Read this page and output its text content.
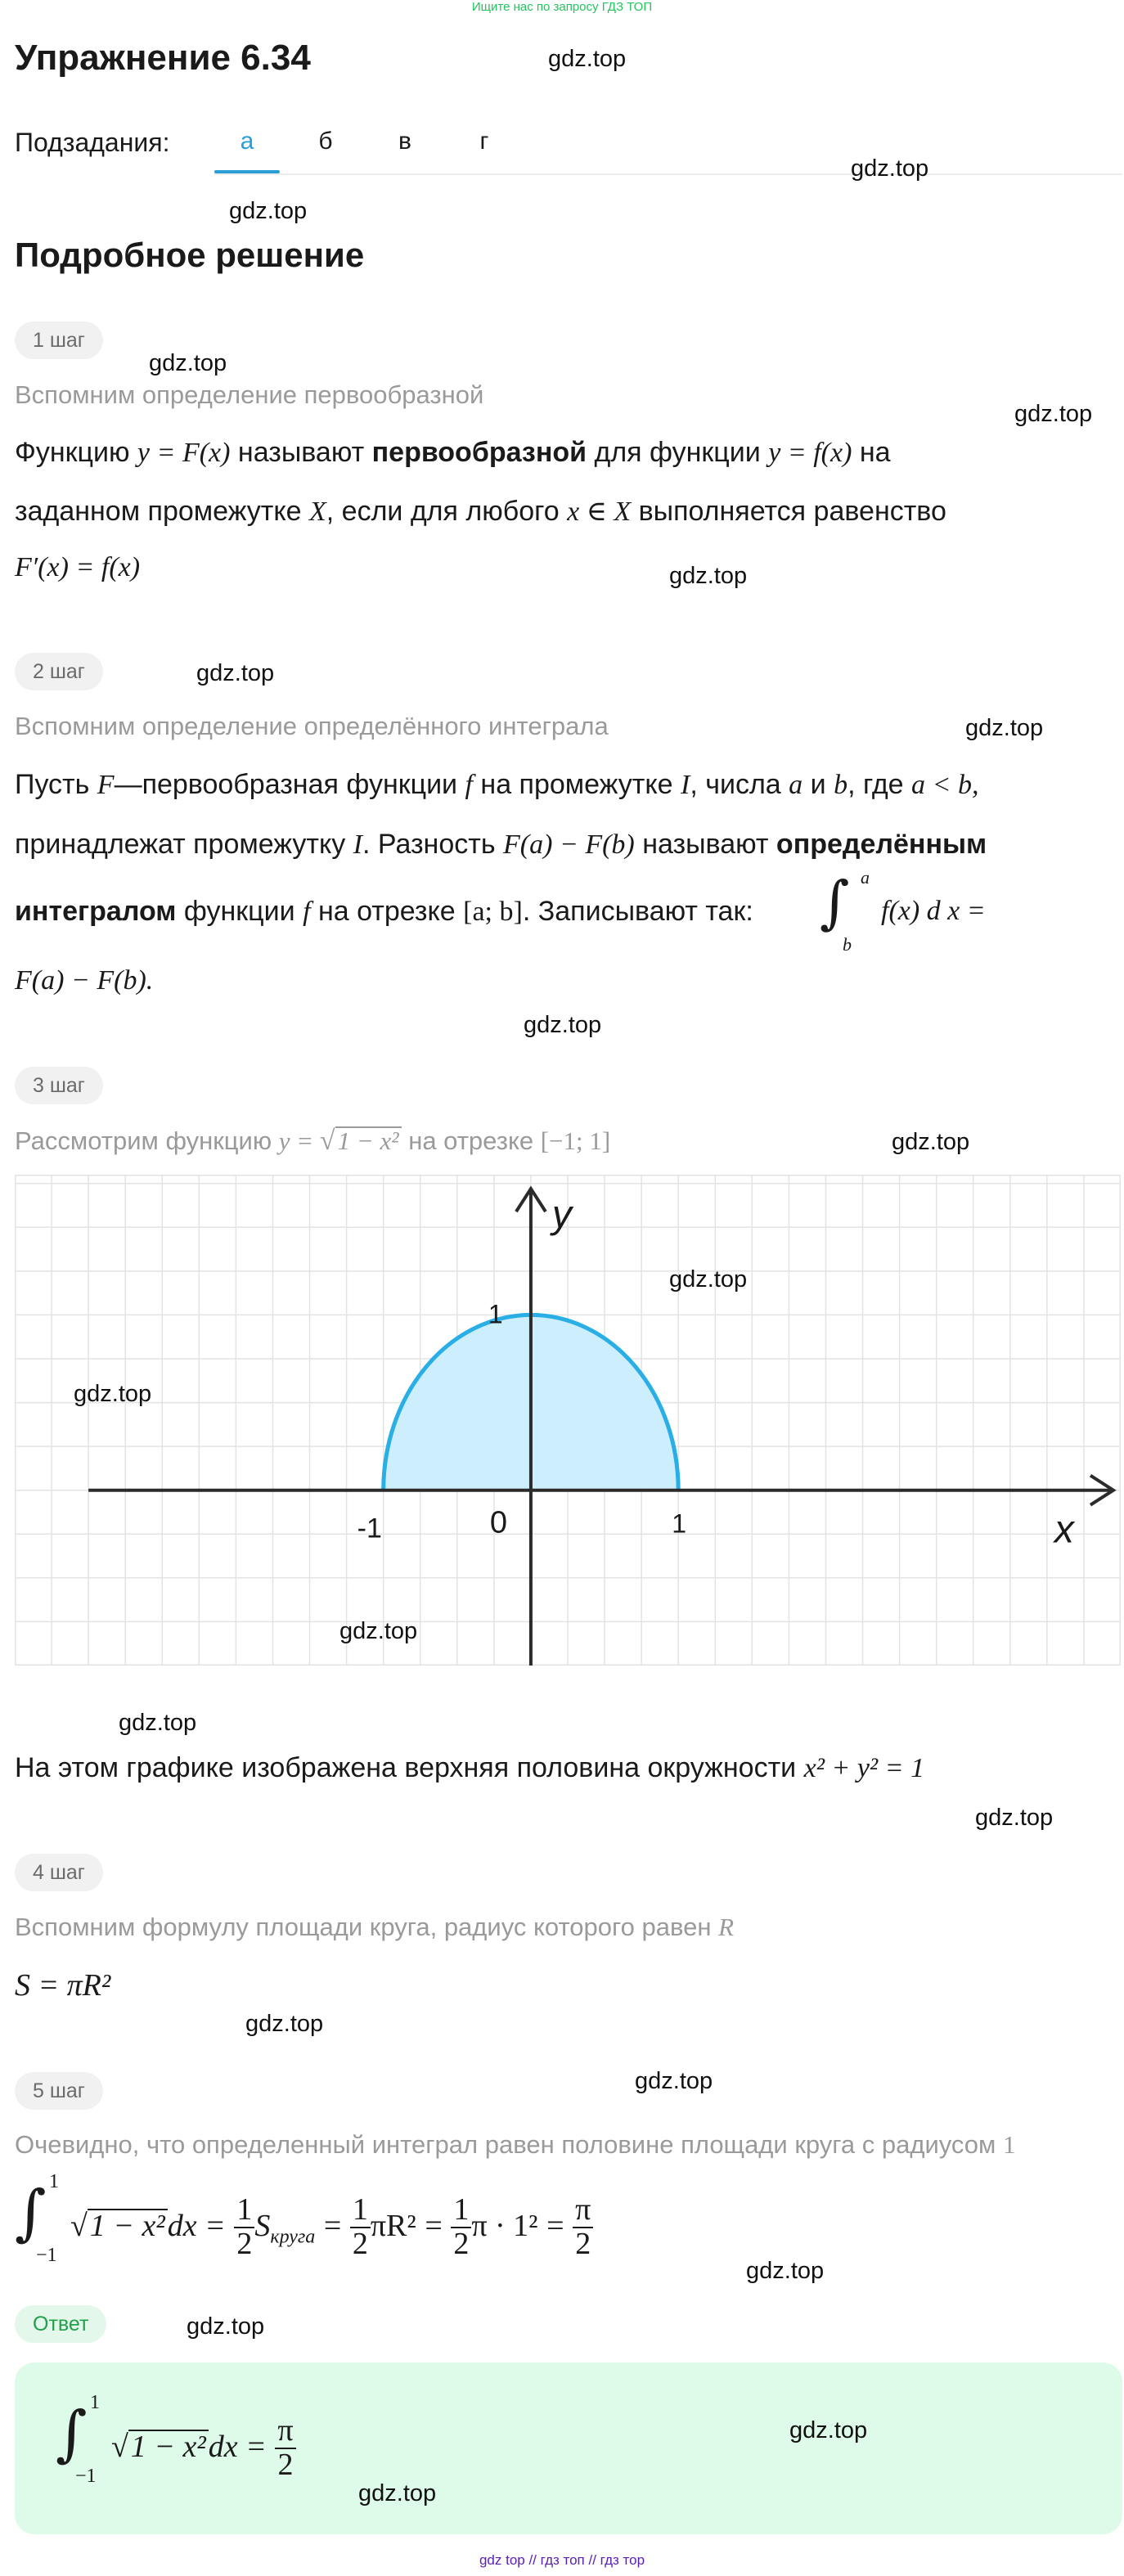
Ищите нас по запросу ГДЗ ТОП
Упражнение 6.34	gdz.top
Подзадания:	а	б	в	г
gdz.top
gdz.top
Подробное решение
1 шаг
gdz.top
Вспомним определение первообразной
gdz.top
Функцию y = F(x) называют первообразной для функции y = f(x) на
заданном промежутке X, если для любого x ∈ X выполняется равенство
F′(x) = f(x)	gdz.top
2 шаг	gdz.top
Вспомним определение определённого интеграла	gdz.top
Пусть F—первообразная функции f на промежутке I, числа a и b, где a < b,
принадлежат промежутку I. Разность F(a) − F(b) называют определённым
интегралом функции f на отрезке [a; b]. Записывают так: ∫ a
b
f(x) d x =
F(a) − F(b).
gdz.top
3 шаг
Рассмотрим функцию y = √1 − x² на отрезке [−1; 1]	gdz.top
y
x
-1	0	1
1
gdz.top
gdz.top
gdz.top
gdz.top
На этом графике изображена верхняя половина окружности x² + y² = 1
gdz.top
4 шаг
Вспомним формулу площади круга, радиус которого равен R
S = πR²
gdz.top
5 шаг	gdz.top
Очевидно, что определенный интеграл равен половине площади круга с радиусом 1
∫ 1
−1
$√1 - x^2dx = \frac{1}{2} S_{круга} = \frac{1}{2} \pi R^2 = \frac{1}{2}$ $\pi \cdot 1^2 = \frac{\pi}{2}$
gdz.top
Ответ	gdz.top
∫ 1
−1
$√1 - x^2dx = \frac{\pi}{2}$	gdz.top
gdz.top
gdz top // гдз топ // гдз тор
